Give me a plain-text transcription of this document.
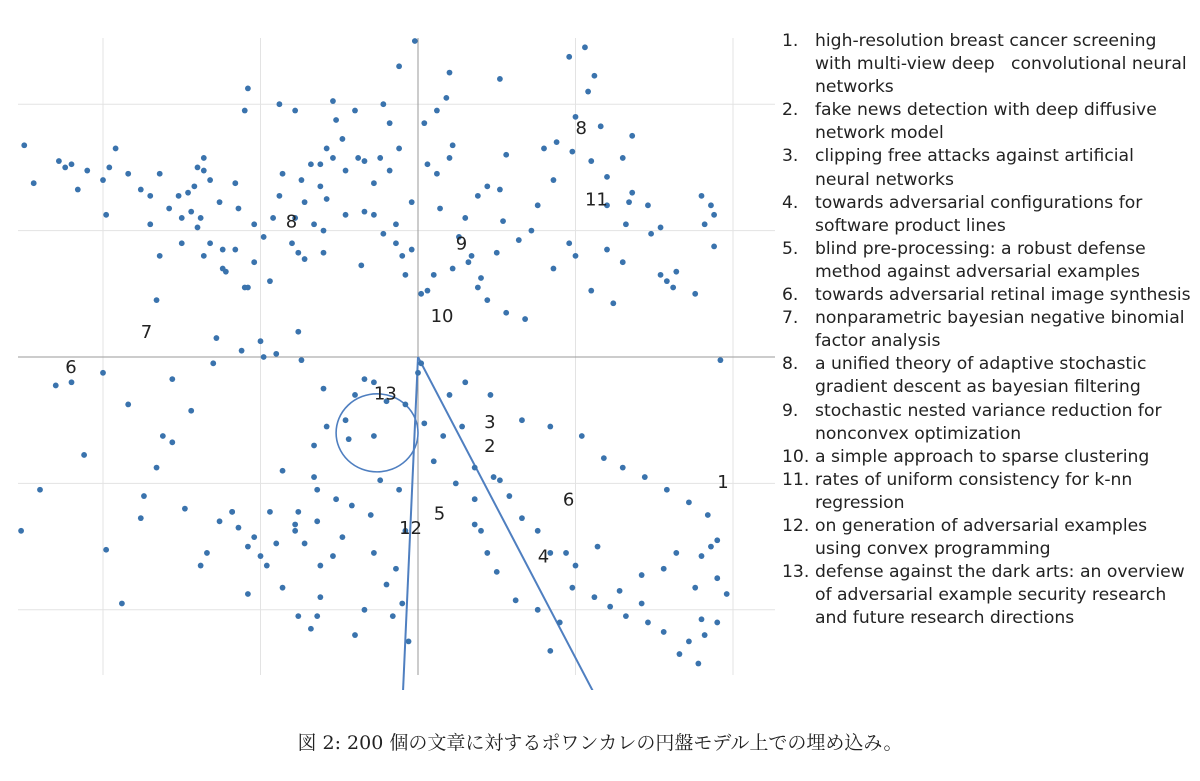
1
2
3
4
5
6
6
7
8
8
9
10
11
12
13
1. high-resolution breast cancer screening with multi-view deep   convolutional neural networks
2. fake news detection with deep diffusive network model
3. clipping free attacks against artificial neural networks
4. towards adversarial configurations for software product lines
5. blind pre-processing: a robust defense method against adversarial examples
6. towards adversarial retinal image synthesis
7. nonparametric bayesian negative binomial factor analysis
8. a unified theory of adaptive stochastic gradient descent as bayesian filtering
9. stochastic nested variance reduction for nonconvex optimization
10. a simple approach to sparse clustering
11. rates of uniform consistency for k-nn regression
12. on generation of adversarial examples using convex programming
13. defense against the dark arts: an overview of adversarial example security research and future research directions
図 2: 200 個の文章に対するポワンカレの円盤モデル上での埋め込み。
